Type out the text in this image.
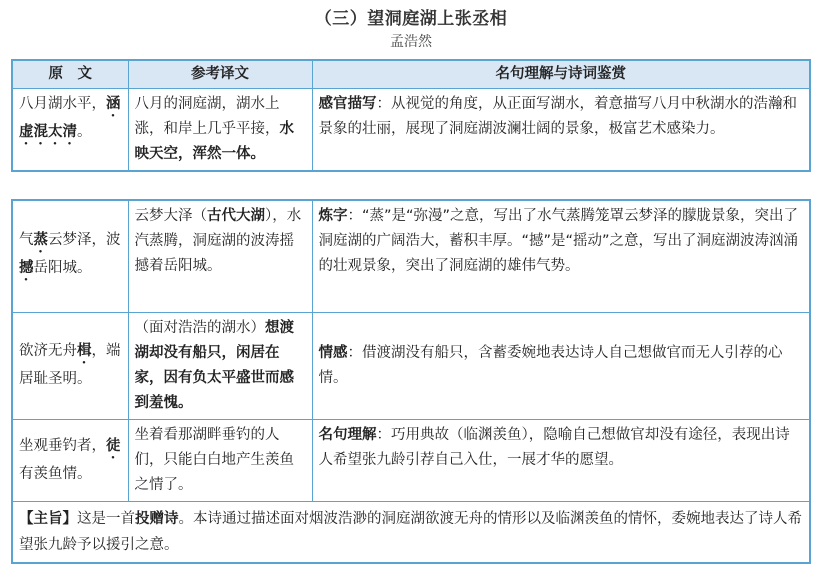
（三）望洞庭湖上张丞相
孟浩然
原　文	参考译文	名句理解与诗词鉴赏
八月湖水平，涵虚混太清。	八月的洞庭湖，湖水上涨，和岸上几乎平接，水映天空，浑然一体。	感官描写：从视觉的角度，从正面写湖水，着意描写八月中秋湖水的浩瀚和景象的壮丽，展现了洞庭湖波澜壮阔的景象，极富艺术感染力。
气蒸云梦泽，波撼岳阳城。	云梦大泽（古代大湖），水汽蒸腾，洞庭湖的波涛摇撼着岳阳城。	炼字：“蒸”是“弥漫”之意，写出了水气蒸腾笼罩云梦泽的朦胧景象，突出了洞庭湖的广阔浩大，蓄积丰厚。“撼”是“摇动”之意，写出了洞庭湖波涛汹涌的壮观景象，突出了洞庭湖的雄伟气势。
欲济无舟楫，端居耻圣明。	（面对浩浩的湖水）想渡湖却没有船只，闲居在家，因有负太平盛世而感到羞愧。	情感：借渡湖没有船只，含蓄委婉地表达诗人自己想做官而无人引荐的心情。
坐观垂钓者，徒有羡鱼情。	坐着看那湖畔垂钓的人们，只能白白地产生羡鱼之情了。	名句理解：巧用典故（临渊羡鱼），隐喻自己想做官却没有途径，表现出诗人希望张九龄引荐自己入仕，一展才华的愿望。
【主旨】这是一首投赠诗。本诗通过描述面对烟波浩渺的洞庭湖欲渡无舟的情形以及临渊羡鱼的情怀，委婉地表达了诗人希望张九龄予以援引之意。		
